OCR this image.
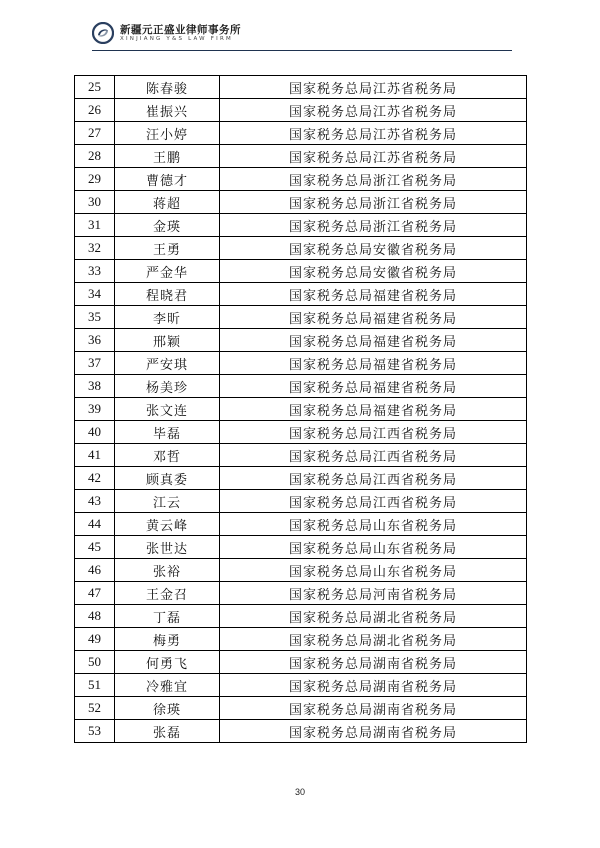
新疆元正盛业律师事务所
XINJIANG Y&S LAW FIRM
25	陈春骏	国家税务总局江苏省税务局
26	崔振兴	国家税务总局江苏省税务局
27	汪小婷	国家税务总局江苏省税务局
28	王鹏	国家税务总局江苏省税务局
29	曹德才	国家税务总局浙江省税务局
30	蒋超	国家税务总局浙江省税务局
31	金瑛	国家税务总局浙江省税务局
32	王勇	国家税务总局安徽省税务局
33	严金华	国家税务总局安徽省税务局
34	程晓君	国家税务总局福建省税务局
35	李昕	国家税务总局福建省税务局
36	邢颖	国家税务总局福建省税务局
37	严安琪	国家税务总局福建省税务局
38	杨美珍	国家税务总局福建省税务局
39	张文连	国家税务总局福建省税务局
40	毕磊	国家税务总局江西省税务局
41	邓哲	国家税务总局江西省税务局
42	顾真委	国家税务总局江西省税务局
43	江云	国家税务总局江西省税务局
44	黄云峰	国家税务总局山东省税务局
45	张世达	国家税务总局山东省税务局
46	张裕	国家税务总局山东省税务局
47	王金召	国家税务总局河南省税务局
48	丁磊	国家税务总局湖北省税务局
49	梅勇	国家税务总局湖北省税务局
50	何勇飞	国家税务总局湖南省税务局
51	冷雅宜	国家税务总局湖南省税务局
52	徐瑛	国家税务总局湖南省税务局
53	张磊	国家税务总局湖南省税务局
30
